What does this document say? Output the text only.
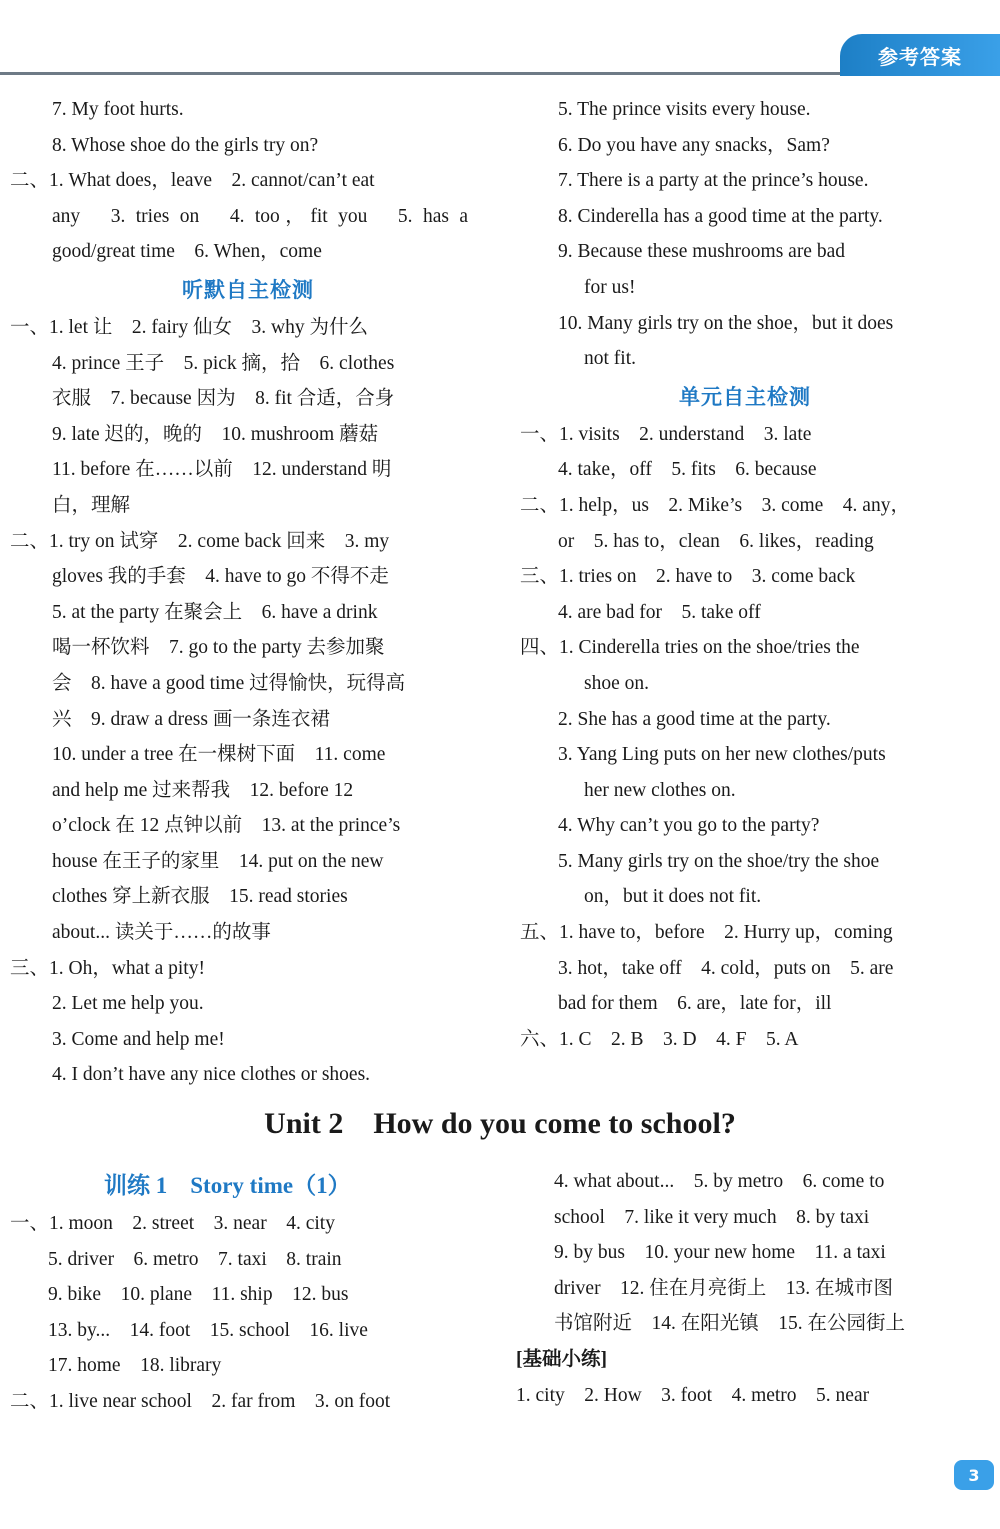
参考答案
7. My foot hurts.
8. Whose shoe do the girls try on?
二、1. What does，leave　2. cannot/can’t eat
any　3. tries on　4. too，fit you　5. has a
good/great time　6. When，come
听默自主检测
一、1. let 让　2. fairy 仙女　3. why 为什么
4. prince 王子　5. pick 摘，拾　6. clothes
衣服　7. because 因为　8. fit 合适，合身
9. late 迟的，晚的　10. mushroom 蘑菇
11. before 在……以前　12. understand 明
白，理解
二、1. try on 试穿　2. come back 回来　3. my
gloves 我的手套　4. have to go 不得不走
5. at the party 在聚会上　6. have a drink
喝一杯饮料　7. go to the party 去参加聚
会　8. have a good time 过得愉快，玩得高
兴　9. draw a dress 画一条连衣裙
10. under a tree 在一棵树下面　11. come
and help me 过来帮我　12. before 12
o’clock 在 12 点钟以前　13. at the prince’s
house 在王子的家里　14. put on the new
clothes 穿上新衣服　15. read stories
about... 读关于……的故事
三、1. Oh，what a pity!
2. Let me help you.
3. Come and help me!
4. I don’t have any nice clothes or shoes.
5. The prince visits every house.
6. Do you have any snacks，Sam?
7. There is a party at the prince’s house.
8. Cinderella has a good time at the party.
9. Because these mushrooms are bad
for us!
10. Many girls try on the shoe，but it does
not fit.
单元自主检测
一、1. visits　2. understand　3. late
4. take，off　5. fits　6. because
二、1. help，us　2. Mike’s　3. come　4. any，
or　5. has to，clean　6. likes，reading
三、1. tries on　2. have to　3. come back
4. are bad for　5. take off
四、1. Cinderella tries on the shoe/tries the
shoe on.
2. She has a good time at the party.
3. Yang Ling puts on her new clothes/puts
her new clothes on.
4. Why can’t you go to the party?
5. Many girls try on the shoe/try the shoe
on，but it does not fit.
五、1. have to，before　2. Hurry up，coming
3. hot，take off　4. cold，puts on　5. are
bad for them　6. are，late for，ill
六、1. C　2. B　3. D　4. F　5. A
Unit 2　How do you come to school?
训练 1　Story time（1）
一、1. moon　2. street　3. near　4. city
5. driver　6. metro　7. taxi　8. train
9. bike　10. plane　11. ship　12. bus
13. by...　14. foot　15. school　16. live
17. home　18. library
二、1. live near school　2. far from　3. on foot
4. what about...　5. by metro　6. come to
school　7. like it very much　8. by taxi
9. by bus　10. your new home　11. a taxi
driver　12. 住在月亮街上　13. 在城市图
书馆附近　14. 在阳光镇　15. 在公园街上
[基础小练]
1. city　2. How　3. foot　4. metro　5. near
3
